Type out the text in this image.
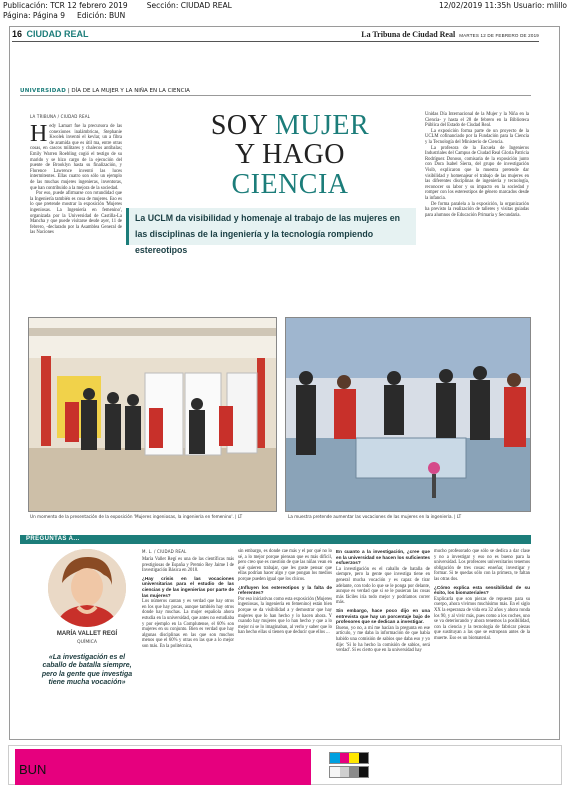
Publicación: TCR 12 febrero 2019	Sección: CIUDAD REAL	12/02/2019 11:35h Usuario: mlillo
Página: Página 9 Edición: BUN
16 CIUDAD REAL	La Tribuna de Ciudad Real MARTES 12 DE FEBRERO DE 2019
UNIVERSIDAD | DÍA DE LA MUJER Y LA NIÑA EN LA CIENCIA
LA TRIBUNA / CIUDAD REAL
H edy Lamarr fue la precursora de las conexiones inalámbricas, Stephanie Kwolek inventó el kevlar, un a fibra de aramida que es útil ma, entre otras cosas, en cascos militares y chalecos antibalas; Emily Warren Roebling cogió el testigo de su marido y se hizo cargo de la ejecución del puente de Brooklyn hasta su finalización, y Florence Lawrence inventó las luces intermitentes. Ellas cuatro son sólo un ejemplo de las muchas mujeres ingenieras, inventoras, que han contribuido a la mejora de la sociedad.
Por eso, puede afirmarse con rotundidad que la Ingeniería también es cosa de mujeres. Eso es lo que pretende mostrar la exposición 'Mujeres ingeniosas. La Ingeniería en femenino', organizada por la Universidad de Castilla-La Mancha y que puede visitarse desde ayer, 11 de febrero, -declarado por la Asamblea General de las Naciones
SOY MUJER
Y HAGO
CIENCIA
La UCLM da visibilidad y homenaje al trabajo de las mujeres en las disciplinas de la ingeniería y la tecnología rompiendo estereotipos
Unidas Día Internacional de la Mujer y la Niña en la Ciencia- y hasta el 28 de febrero en la Biblioteca Pública del Estado de Ciudad Real.
La exposición forma parte de un proyecto de la UCLM cofinanciado por la Fundación para la Ciencia y la Tecnología del Ministerio de Ciencia.
La profesora de la Escuela de Ingenieros Industriales del Campus de Ciudad Real Gloria Patricia Rodríguez Donoso, comisaria de la exposición junto con Dora Isabel Sierra, del grupo de investigación Visib, explicaron que la muestra pretende dar visibilidad y homenajear el trabajo de las mujeres en las diferentes disciplinas de ingeniería y tecnología, reconocer su labor y su impacto en la sociedad y romper con los estereotipos de género marcados desde la infancia.
De forma paralela a la exposición, la organización ha previsto la realización de talleres y visitas guiadas para alumnos de Educación Primaria y Secundaria.
Un momento de la presentación de la exposición 'Mujeres ingeniosas, la ingeniería en femenino'. | LT	La muestra pretende aumentar las vocaciones de las mujeres en la ingeniería. | LT
PREGUNTAS A...
MARÍA VALLET REGÍ
QUÍMICA
«La investigación es el caballo de batalla siempre, pero la gente que investiga tiene mucha vocación»
M. L. / CIUDAD REAL
María Vallet Regí es una de las científicas más prestigiosas de España y Premio Rey Jaime I de Investigación Básica en 2018.
¿Hay crisis en las vocaciones universitarias para el estudio de las ciencias y de las ingenierías por parte de las mujeres?
Los números cantan y es verdad que hay otros en los que hay pocas, aunque también hay otros donde hay muchas. La mujer española ahora estudia en la universidad, que antes no estudiaba y por ejemplo en la Complutense, el 60% son mujeres en su conjunto. Bien es verdad que hay algunas disciplinas en las que son muchos menos que el 60% y otras en las que a lo mejor son más. En la politécnica,
sin embargo, es donde cae más y el por qué no lo sé, a lo mejor porque piensan que es más difícil, pero creo que es cuestión de que las niñas vean en qué quieren trabajar, que les guste pensar que ellas podrían hacer algo y que pongan los medios porque pueden igual que los chicos.
¿Influyen los estereotipos y la falta de referentes?
Por eso iniciativas como esta exposición (Mujeres ingeniosas, la ingeniería en femenino) están bien porque se da visibilidad a y demostrar que hay mujeres que lo han hecho y lo hacen ahora. Y cuando hay mujeres que lo han hecho y que a lo mejor ni se lo imaginaban, al verlo y saber que lo han hecho ellas sí tienen que deducir que ellos ...
En cuanto a la investigación, ¿cree que en la universidad se hacen los suficientes esfuerzos?
La investigación es el caballo de batalla de siempre, pero la gente que investiga tiene en general mucha vocación y es capaz de tirar adelante, con todo lo que se le ponga por delante, aunque es verdad que si se le pusieran las cosas más fáciles iría todo mejor y podríamos correr más.
Sin embargo, hace poco dijo en una entrevista que hay un porcentaje bajo de profesores que se dedican a investigar.
Bueno, yo no, a mí me hacían la pregunta en ese artículo, y me daba la información de que había habido una comisión de sabios que daba eso y yo dije: 'Si lo ha hecho la comisión de sabios, será verdad'. Sí es cierto que en la universidad hay
mucho profesorado que sólo se dedica a dar clase y no a investigar y eso no es bueno para la universidad. Los profesores universitarios tenemos obligación de tres cosas: enseñar, investigar y formar. Si te quedas sólo con la primera, te faltan las otras dos.
¿Cómo explica esta sensibilidad de su éxito, los biomateriales?
Explicarla que son piezas de repuesto para su cuerpo, ahora vivimos muchísimo más. En el siglo XX la esperanza de vida era 32 años y ahora ronda los 90, y al vivir más, pues como a los coches, uno se va deteriorando y ahora tenemos la posibilidad, con la ciencia y la tecnología de fabricar piezas que sustituyan a las que se estropean antes de la muerte. Eso es un biomaterial.
BUN
